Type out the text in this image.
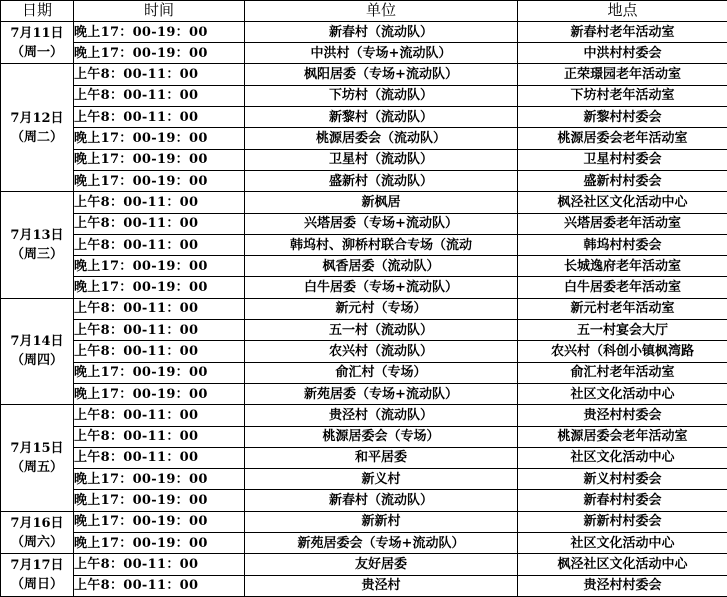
日期	时间	单位	地点

7月11日
（周一）	晚上17：00-19：00	新春村（流动队）	新春村老年活动室
	晚上17：00-19：00	中洪村（专场+流动队）	中洪村村委会

7月12日
（周二）	上午8：00-11：00	枫阳居委（专场+流动队）	正荣璟园老年活动室
	上午8：00-11：00	下坊村（流动队）	下坊村老年活动室
	上午8：00-11：00	新黎村（流动队）	新黎村村委会
	晚上17：00-19：00	桃源居委会（流动队）	桃源居委会老年活动室
	晚上17：00-19：00	卫星村（流动队）	卫星村村委会
	晚上17：00-19：00	盛新村（流动队）	盛新村村委会

7月13日
（周三）	上午8：00-11：00	新枫居	枫泾社区文化活动中心
	上午8：00-11：00	兴塔居委（专场+流动队）	兴塔居委老年活动室
	上午8：00-11：00	韩坞村、泖桥村联合专场（流动	韩坞村村委会
	晚上17：00-19：00	枫香居委（流动队）	长城逸府老年活动室
	晚上17：00-19：00	白牛居委（专场+流动队）	白牛居委老年活动室

7月14日
（周四）	上午8：00-11：00	新元村（专场）	新元村老年活动室
	上午8：00-11：00	五一村（流动队）	五一村宴会大厅
	上午8：00-11：00	农兴村（流动队）	农兴村（科创小镇枫湾路
	晚上17：00-19：00	俞汇村（专场）	俞汇村老年活动室
	晚上17：00-19：00	新苑居委（专场+流动队）	社区文化活动中心

7月15日
（周五）	上午8：00-11：00	贵泾村（流动队）	贵泾村村委会
	上午8：00-11：00	桃源居委会（专场）	桃源居委会老年活动室
	上午8：00-11：00	和平居委	社区文化活动中心
	晚上17：00-19：00	新义村	新义村村委会
	晚上17：00-19：00	新春村（流动队）	新春村村委会

7月16日
（周六）	晚上17：00-19：00	新新村	新新村村委会
	晚上17：00-19：00	新苑居委会（专场+流动队）	社区文化活动中心

7月17日
（周日）	上午8：00-11：00	友好居委	枫泾社区文化活动中心
	上午8：00-11：00	贵泾村	贵泾村村委会
